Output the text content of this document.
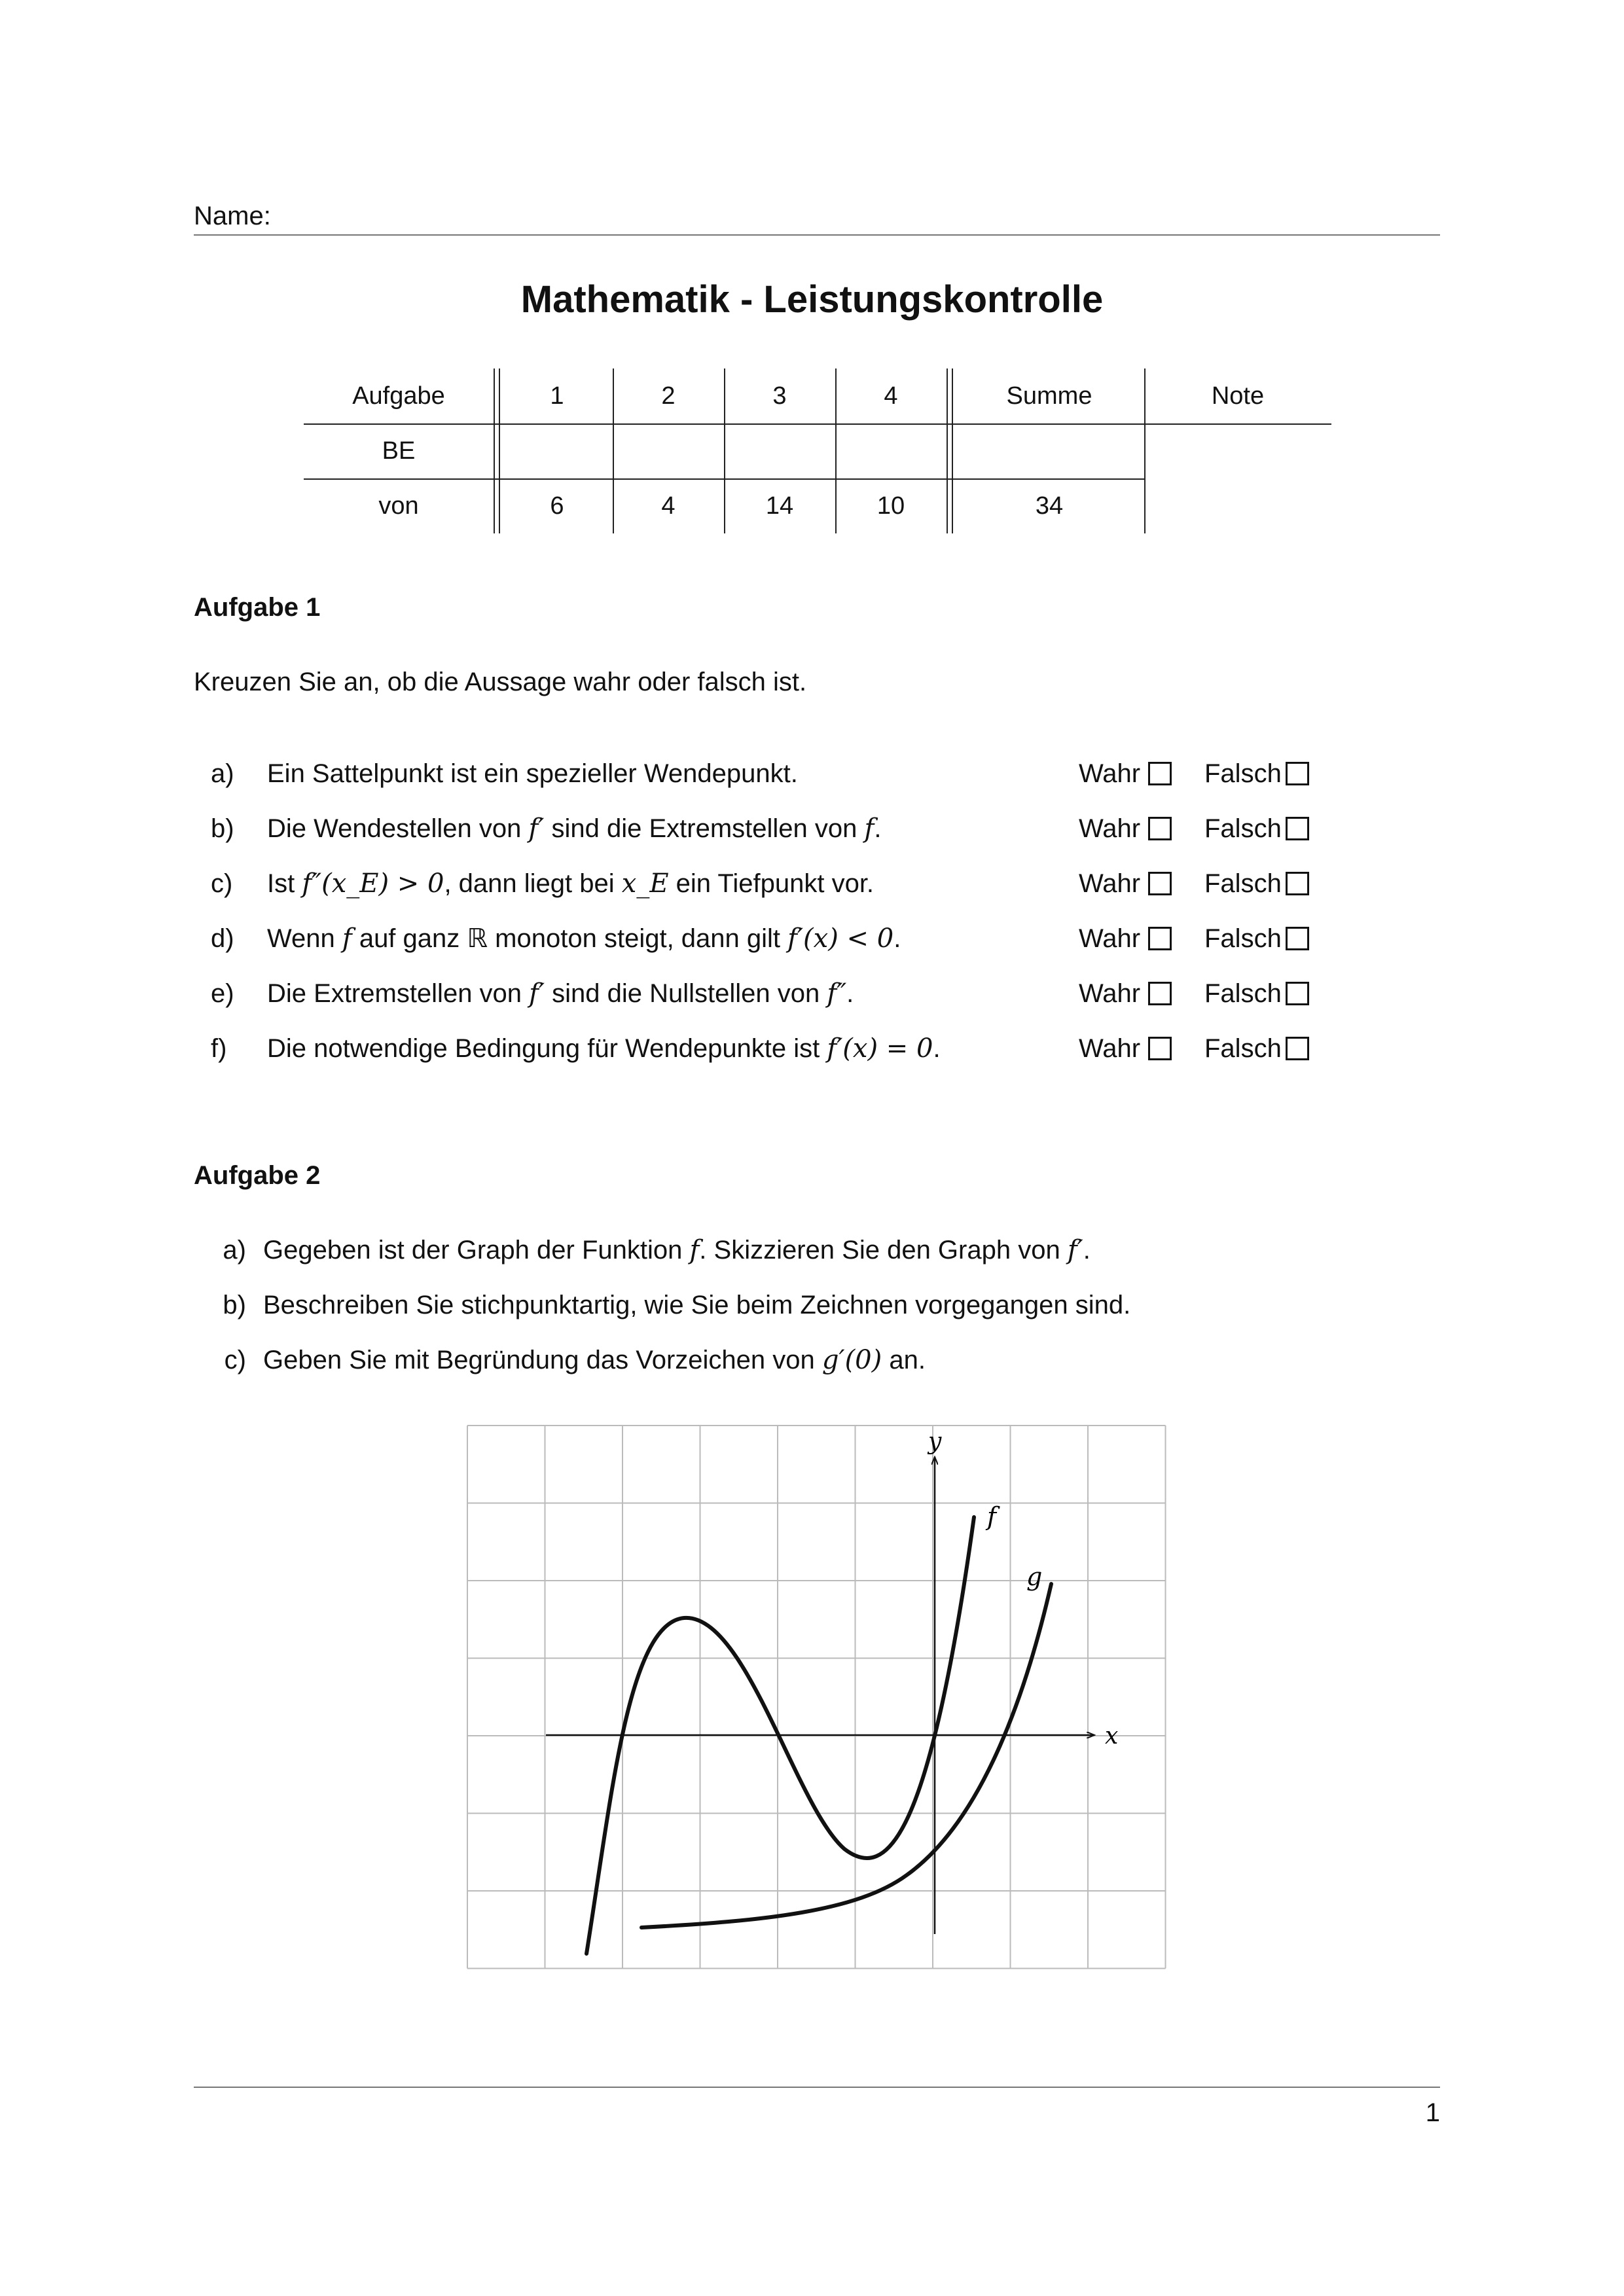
Name:
Mathematik - Leistungskontrolle
Aufgabe	1	2	3	4	Summe	Note
BE
von	6	4	14	10	34
Aufgabe 1
Kreuzen Sie an, ob die Aussage wahr oder falsch ist.
a) Ein Sattelpunkt ist ein spezieller Wendepunkt.	Wahr Falsch
b) Die Wendestellen von f′ sind die Extremstellen von f.	Wahr Falsch
c) Ist f″(x_E) > 0, dann liegt bei x_E ein Tiefpunkt vor.	Wahr Falsch
d) Wenn f auf ganz ℝ monoton steigt, dann gilt f′(x) < 0.	Wahr Falsch
e) Die Extremstellen von f′ sind die Nullstellen von f″.	Wahr Falsch
f) Die notwendige Bedingung für Wendepunkte ist f′(x) = 0.	Wahr Falsch
Aufgabe 2
a) Gegeben ist der Graph der Funktion f. Skizzieren Sie den Graph von f′.
b) Beschreiben Sie stichpunktartig, wie Sie beim Zeichnen vorgegangen sind.
c) Geben Sie mit Begründung das Vorzeichen von g′(0) an.
x
y
f
g
1
